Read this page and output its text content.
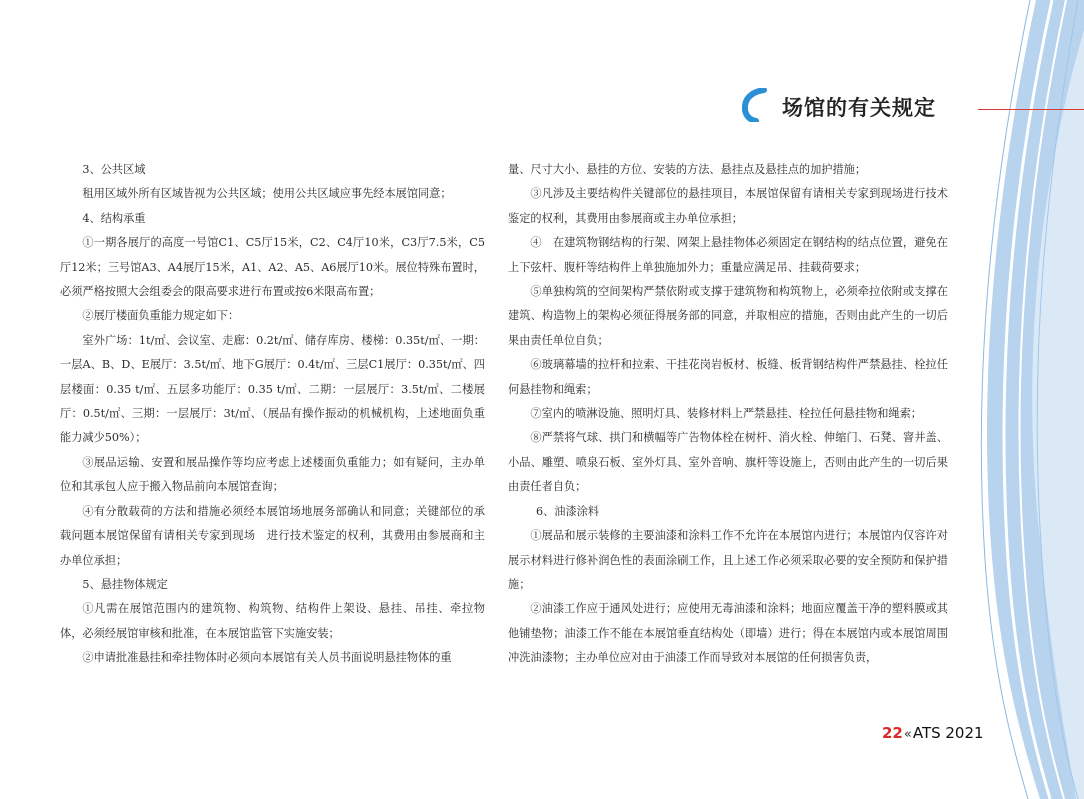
场馆的有关规定

3、公共区域

租用区域外所有区域皆视为公共区域；使用公共区域应事先经本展馆同意；

4、结构承重

①一期各展厅的高度一号馆C1、C5厅15米，C2、C4厅10米，C3厅7.5米，C5厅12米；三号馆A3、A4展厅15米，A1、A2、A5、A6展厅10米。展位特殊布置时，必须严格按照大会组委会的限高要求进行布置或按6米限高布置；

②展厅楼面负重能力规定如下：

室外广场：1t/㎡、会议室、走廊：0.2t/㎡、储存库房、楼梯：0.35t/㎡、一期：一层A、B、D、E展厅：3.5t/㎡、地下G展厅：0.4t/㎡、三层C1展厅：0.35t/㎡、四层楼面：0.35 t/㎡、五层多功能厅：0.35 t/㎡、二期：一层展厅：3.5t/㎡、二楼展厅：0.5t/㎡、三期：一层展厅：3t/㎡、（展品有操作振动的机械机构，上述地面负重能力减少50%）；

③展品运输、安置和展品操作等均应考虑上述楼面负重能力；如有疑问，主办单位和其承包人应于搬入物品前向本展馆查询；

④有分散载荷的方法和措施必须经本展馆场地展务部确认和同意；关键部位的承载问题本展馆保留有请相关专家到现场　进行技术鉴定的权利，其费用由参展商和主办单位承担；

5、悬挂物体规定

①凡需在展馆范围内的建筑物、构筑物、结构件上架设、悬挂、吊挂、牵拉物体，必须经展馆审核和批准，在本展馆监管下实施安装；

②申请批准悬挂和牵挂物体时必须向本展馆有关人员书面说明悬挂物体的重

量、尺寸大小、悬挂的方位、安装的方法、悬挂点及悬挂点的加护措施；

③凡涉及主要结构件关键部位的悬挂项目，本展馆保留有请相关专家到现场进行技术鉴定的权利，其费用由参展商或主办单位承担；

④　在建筑物钢结构的行架、网架上悬挂物体必须固定在钢结构的结点位置，避免在上下弦杆、腹杆等结构件上单独施加外力；重量应满足吊、挂载荷要求；

⑤单独构筑的空间架构严禁依附或支撑于建筑物和构筑物上，必须牵拉依附或支撑在建筑、构造物上的架构必须征得展务部的同意，并取相应的措施，否则由此产生的一切后果由责任单位自负；

⑥玻璃幕墙的拉杆和拉索、干挂花岗岩板材、板缝、板背钢结构件严禁悬挂、栓拉任何悬挂物和绳索；

⑦室内的喷淋设施、照明灯具、装修材料上严禁悬挂、栓拉任何悬挂物和绳索；

⑧严禁将气球、拱门和横幅等广告物体栓在树杆、消火栓、伸缩门、石凳、窨井盖、小品、雕塑、喷泉石板、室外灯具、室外音响、旗杆等设施上，否则由此产生的一切后果由责任者自负；

6、油漆涂料

①展品和展示装修的主要油漆和涂料工作不允许在本展馆内进行；本展馆内仅容许对展示材料进行修补润色性的表面涂刷工作，且上述工作必须采取必要的安全预防和保护措施；

②油漆工作应于通风处进行；应使用无毒油漆和涂料；地面应覆盖干净的塑料膜或其他铺垫物；油漆工作不能在本展馆垂直结构处（即墙）进行；得在本展馆内或本展馆周围冲洗油漆物；主办单位应对由于油漆工作而导致对本展馆的任何损害负责，

22«ATS 2021
